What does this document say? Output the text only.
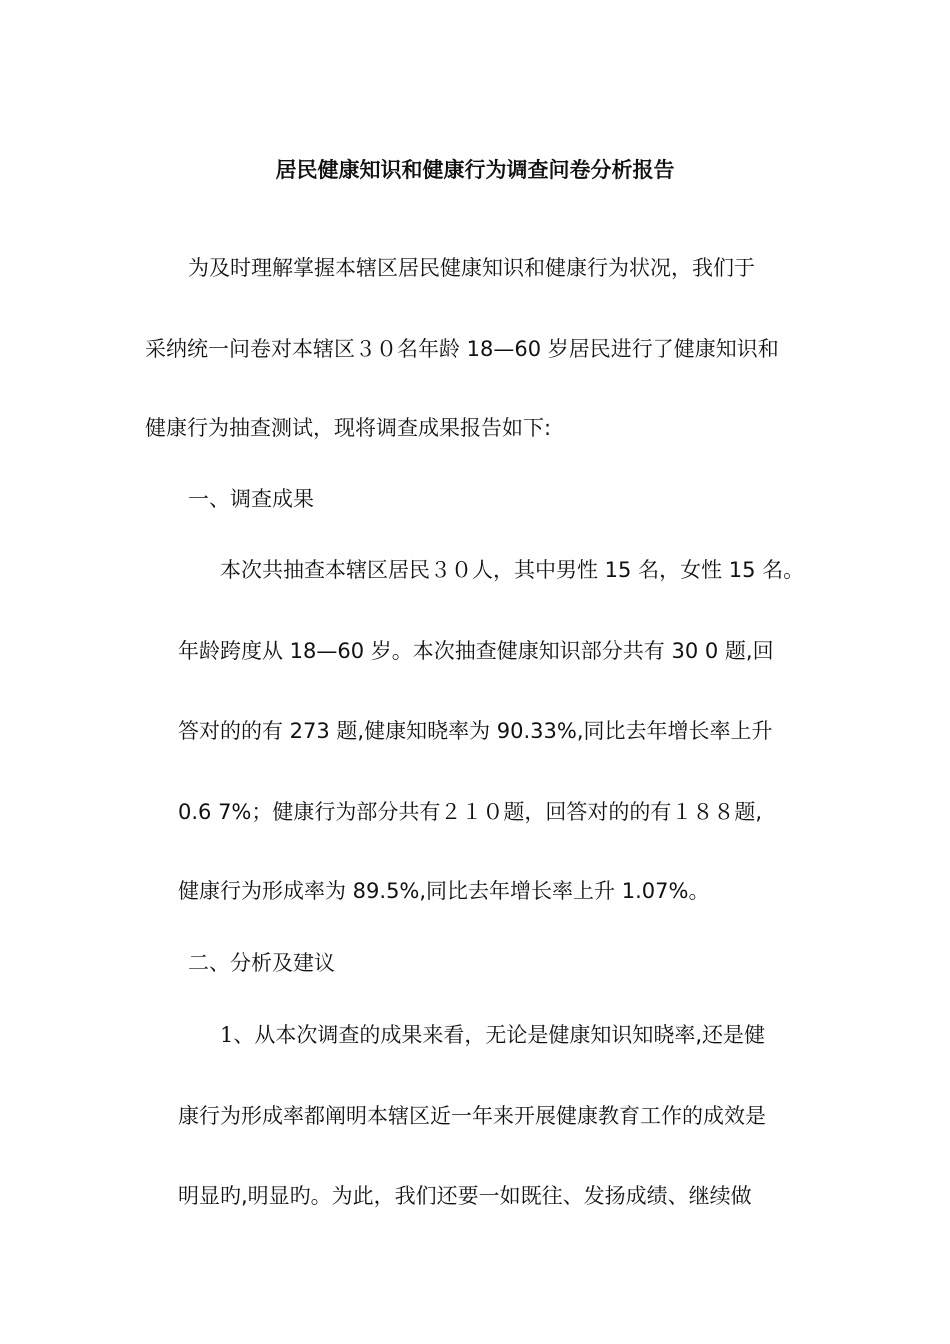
居民健康知识和健康行为调查问卷分析报告
为及时理解掌握本辖区居民健康知识和健康行为状况，我们于
采纳统一问卷对本辖区３０名年龄 18—60 岁居民进行了健康知识和
健康行为抽查测试，现将调查成果报告如下:
一、调查成果
本次共抽查本辖区居民３０人，其中男性 15 名，女性 15 名。
年龄跨度从 18—60 岁。本次抽查健康知识部分共有 30 0 题,回
答对的的有 273 题,健康知晓率为 90.33%,同比去年增长率上升
0.6 7%；健康行为部分共有２１０题，回答对的的有１８８题,
健康行为形成率为 89.5%,同比去年增长率上升 1.07%。
二、分析及建议
1、从本次调查的成果来看，无论是健康知识知晓率,还是健
康行为形成率都阐明本辖区近一年来开展健康教育工作的成效是
明显旳,明显旳。为此，我们还要一如既往、发扬成绩、继续做
